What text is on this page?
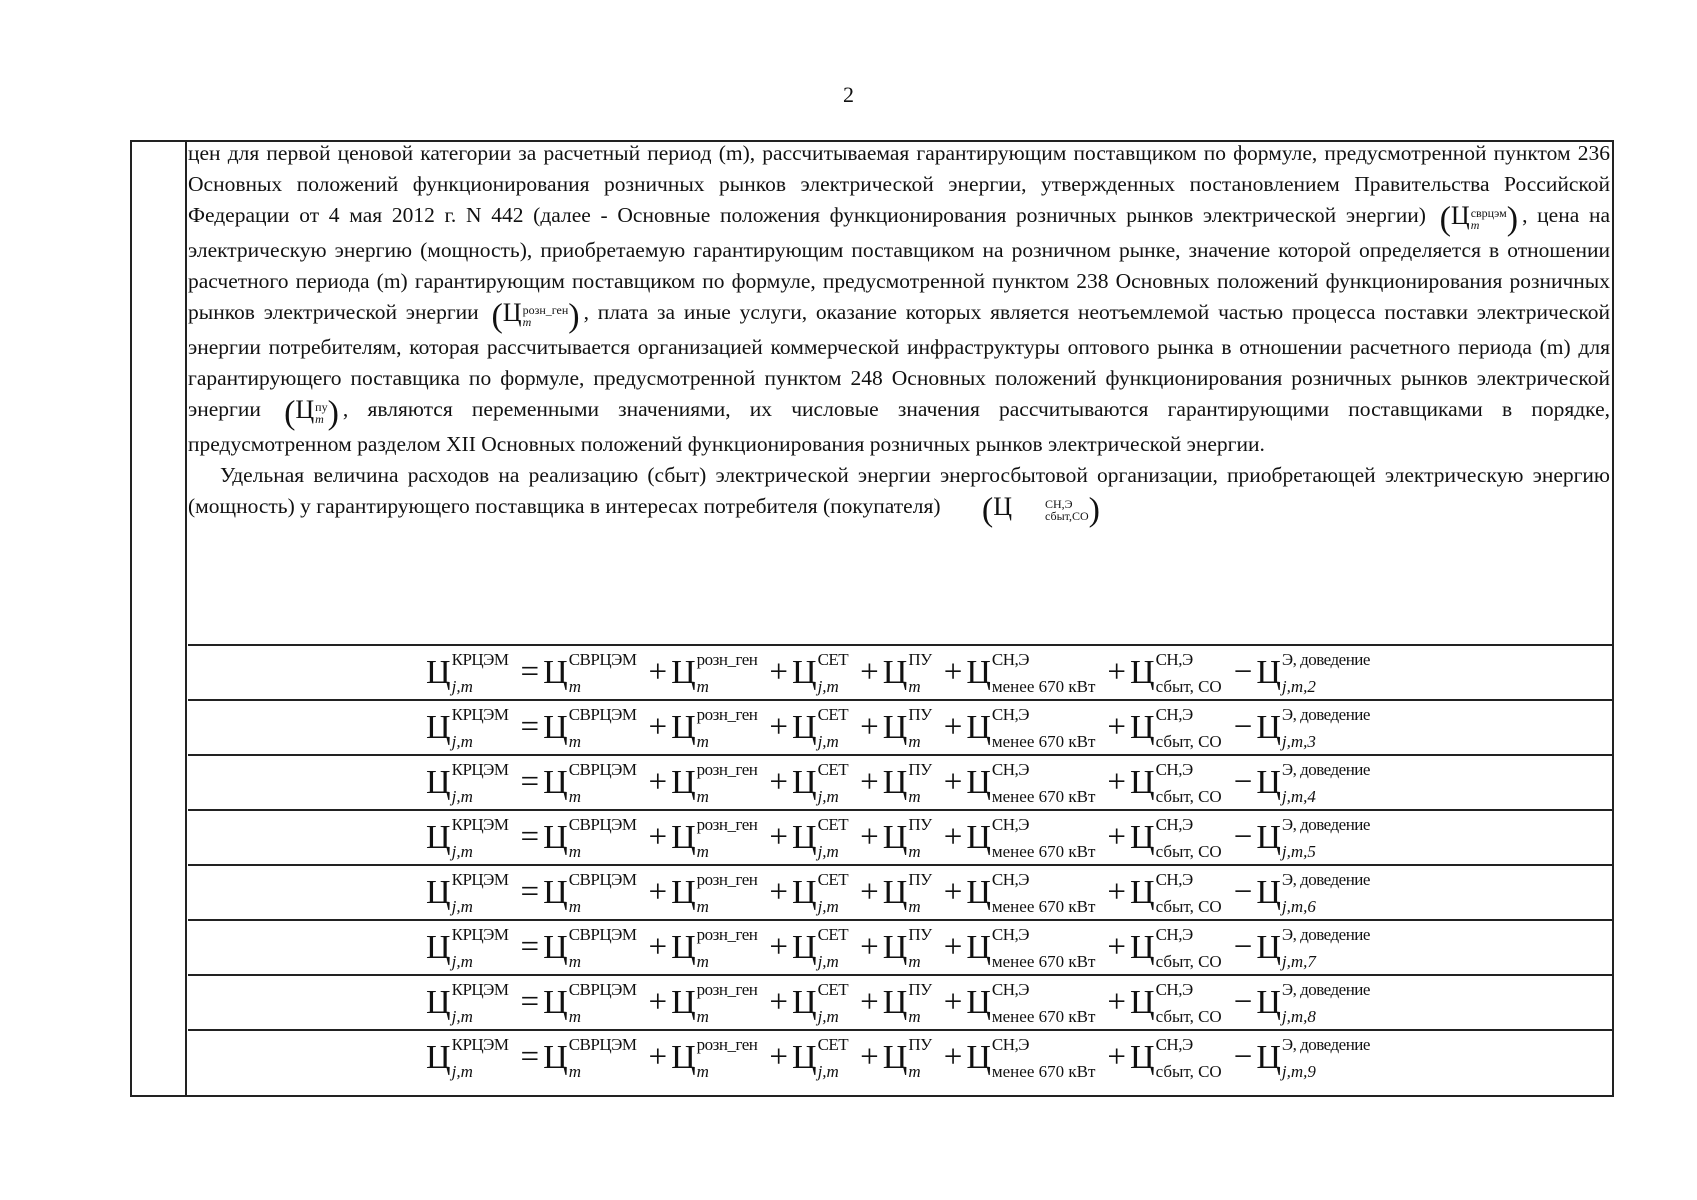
2

цен для первой ценовой категории за расчетный период (m), рассчитываемая гарантирующим поставщиком по формуле, предусмотренной пунктом 236 Основных положений функционирования розничных рынков электрической энергии, утвержденных постановлением Правительства Российской Федерации от 4 мая 2012 г. N 442 (далее - Основные положения функционирования розничных рынков электрической энергии) (Ц сврцэм
m ) , цена на электрическую энергию (мощность), приобретаемую гарантирующим поставщиком на розничном рынке, значение которой определяется в отношении расчетного периода (m) гарантирующим поставщиком по формуле, предусмотренной пунктом 238 Основных положений функционирования розничных рынков электрической энергии (Ц розн_ген
m	) , плата за иные услуги, оказание которых является неотъемлемой частью процесса поставки электрической энергии потребителям, которая рассчитывается организацией коммерческой инфраструктуры оптового рынка в отношении расчетного периода (m) для гарантирующего поставщика по формуле, предусмотренной пунктом 248 Основных положений функционирования розничных рынков электрической энергии (Ц пу
m ) , являются переменными значениями, их числовые значения рассчитываются гарантирующими поставщиками в порядке, предусмотренном разделом XII Основных положений функционирования розничных рынков электрической энергии.

Удельная величина расходов на реализацию (сбыт) электрической энергии энергосбытовой организации, приобретающей электрическую энергию (мощность) у гарантирующего поставщика в интересах потребителя (покупателя) (Ц	СН,Э
сбыт,СО )

Ц КРЦЭМ
j,m	= Ц СВРЦЭМ
m	+ Ц розн_ген
m	+ Ц СЕТ
j,m + Ц ПУ
m + Ц СН,Э
менее 670 кВт + Ц СН,Э
сбыт, СО − Ц Э, доведение
j,m,2

Ц КРЦЭМ
j,m	= Ц СВРЦЭМ
m	+ Ц розн_ген
m	+ Ц СЕТ
j,m + Ц ПУ
m + Ц СН,Э
менее 670 кВт + Ц СН,Э
сбыт, СО − Ц Э, доведение
j,m,3

Ц КРЦЭМ
j,m	= Ц СВРЦЭМ
m	+ Ц розн_ген
m	+ Ц СЕТ
j,m + Ц ПУ
m + Ц СН,Э
менее 670 кВт + Ц СН,Э
сбыт, СО − Ц Э, доведение
j,m,4

Ц КРЦЭМ
j,m	= Ц СВРЦЭМ
m	+ Ц розн_ген
m	+ Ц СЕТ
j,m + Ц ПУ
m + Ц СН,Э
менее 670 кВт + Ц СН,Э
сбыт, СО − Ц Э, доведение
j,m,5

Ц КРЦЭМ
j,m	= Ц СВРЦЭМ
m	+ Ц розн_ген
m	+ Ц СЕТ
j,m + Ц ПУ
m + Ц СН,Э
менее 670 кВт + Ц СН,Э
сбыт, СО − Ц Э, доведение
j,m,6

Ц КРЦЭМ
j,m	= Ц СВРЦЭМ
m	+ Ц розн_ген
m	+ Ц СЕТ
j,m + Ц ПУ
m + Ц СН,Э
менее 670 кВт + Ц СН,Э
сбыт, СО − Ц Э, доведение
j,m,7

Ц КРЦЭМ
j,m	= Ц СВРЦЭМ
m	+ Ц розн_ген
m	+ Ц СЕТ
j,m + Ц ПУ
m + Ц СН,Э
менее 670 кВт + Ц СН,Э
сбыт, СО − Ц Э, доведение
j,m,8

Ц КРЦЭМ
j,m	= Ц СВРЦЭМ
m	+ Ц розн_ген
m	+ Ц СЕТ
j,m + Ц ПУ
m + Ц СН,Э
менее 670 кВт + Ц СН,Э
сбыт, СО − Ц Э, доведение
j,m,9
